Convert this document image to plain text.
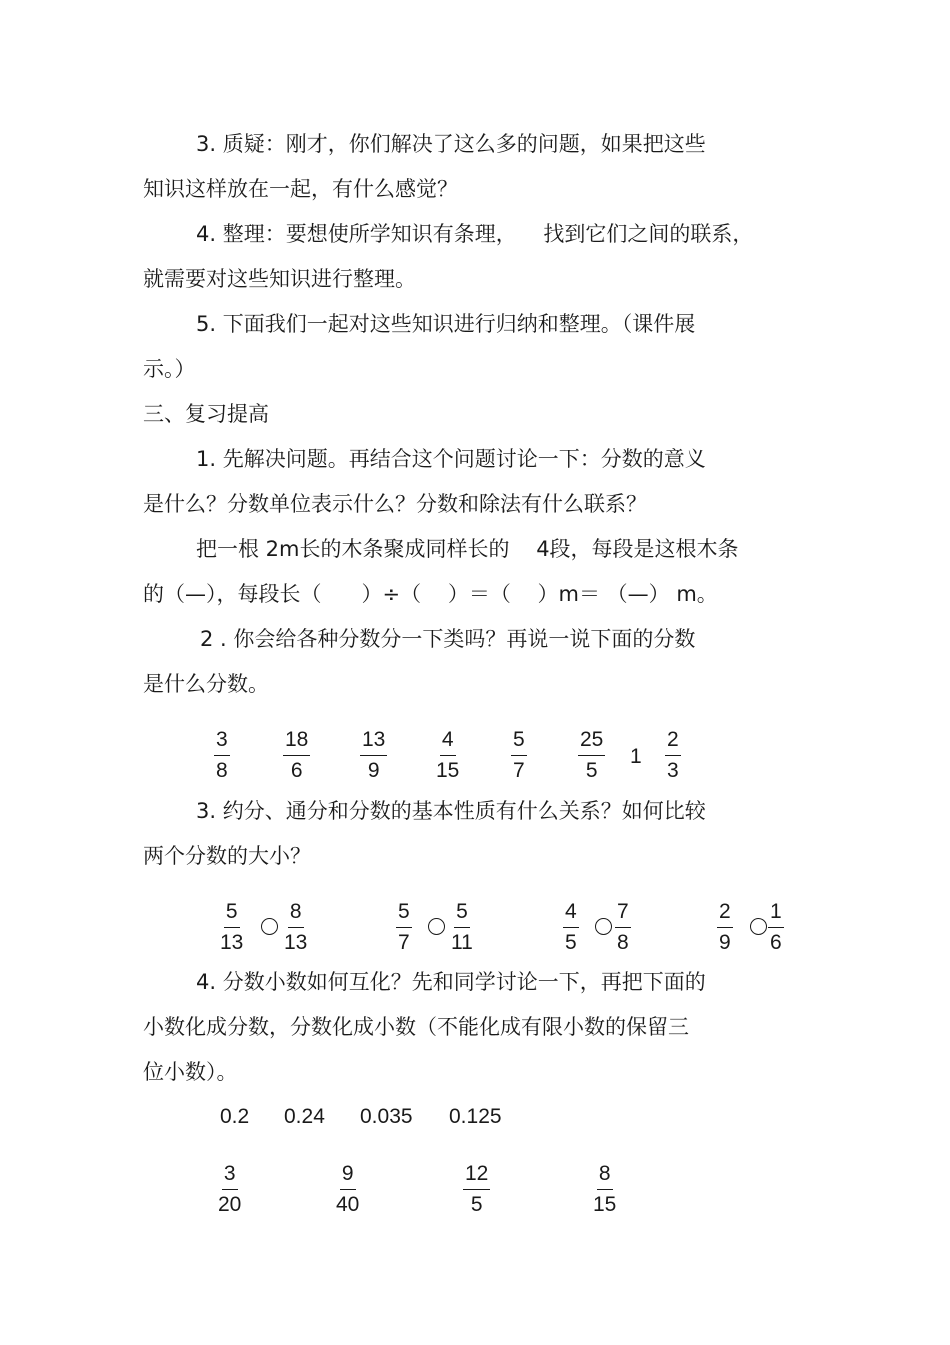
3. 质疑：刚才，你们解决了这么多的问题，如果把这些
知识这样放在一起，有什么感觉？
4. 整理：要想使所学知识有条理，    找到它们之间的联系，
就需要对这些知识进行整理。
5. 下面我们一起对这些知识进行归纳和整理。（课件展
示。）
三、复习提高
1. 先解决问题。再结合这个问题讨论一下：分数的意义
是什么？分数单位表示什么？分数和除法有什么联系？
把一根 2m长的木条聚成同样长的    4段，每段是这根木条
的（—），每段长（      ）÷（    ）＝（    ）m＝ （—） m。
2 . 你会给各种分数分一下类吗？再说一说下面的分数
是什么分数。
$\frac{3}{8}$	$\frac{18}{6} \frac{13}{9} \frac{4}{15} \frac{5}{7} \frac{25}{5} 1 \frac{2}{3}$
3. 约分、通分和分数的基本性质有什么关系？如何比较
两个分数的大小？
$\frac{5}{13} \frac{8}{13}$	$\frac{5}{7} \frac{5}{11}$	$\frac{4}{5} \frac{7}{8}$	$\frac{2}{9} \frac{1}{6}$
4. 分数小数如何互化？先和同学讨论一下，再把下面的
小数化成分数，分数化成小数（不能化成有限小数的保留三
位小数）。
0.2 0.24 0.035 0.125
$\frac{3}{20}$	$\frac{9}{40}$	$\frac{12}{5}$	$\frac{8}{15}$
